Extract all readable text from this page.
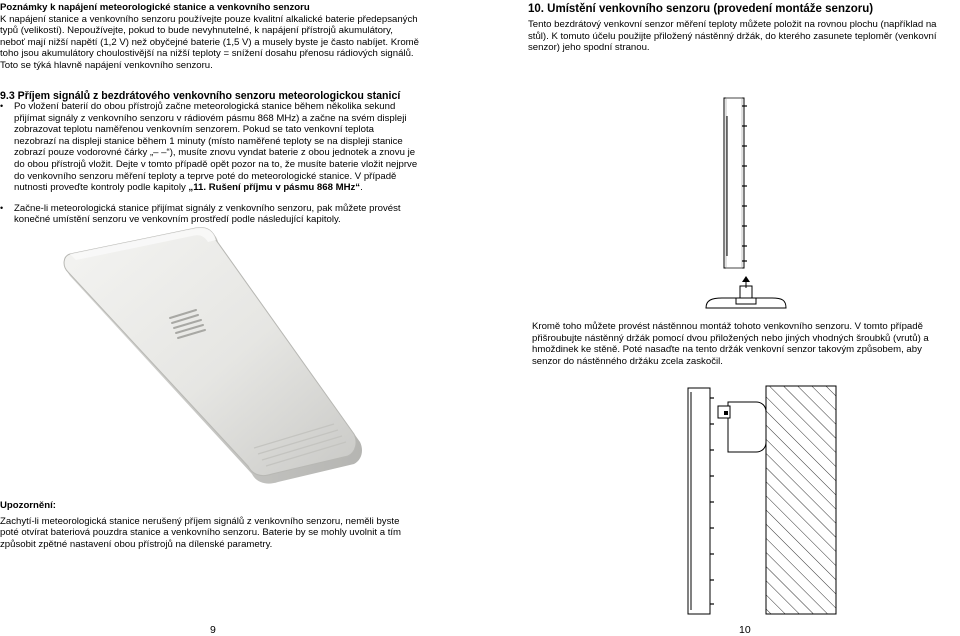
Poznámky k napájení meteorologické stanice a venkovního senzoru

K napájení stanice a venkovního senzoru používejte pouze kvalitní alkalické baterie předepsaných

typů (velikostí). Nepoužívejte, pokud to bude nevyhnutelné, k napájení přístrojů akumulátory,

neboť mají nižší napětí (1,2 V) než obyčejné baterie (1,5 V) a musely byste je často nabíjet. Kromě

toho jsou akumulátory choulostivější na nižší teploty = snížení dosahu přenosu rádiových signálů.

Toto se týká hlavně napájení venkovního senzoru.

9.3 Příjem signálů z bezdrátového venkovního senzoru meteorologickou stanicí
• Po vložení baterií do obou přístrojů začne meteorologická stanice během několika sekund

přijímat signály z venkovního senzoru v rádiovém pásmu 868 MHz) a začne na svém displeji

zobrazovat teplotu naměřenou venkovním senzorem. Pokud se tato venkovní teplota

nezobrazí na displeji stanice během 1 minuty (místo naměřené teploty se na displeji stanice

zobrazí pouze vodorovné čárky „– –“), musíte znovu vyndat baterie z obou jednotek a znovu je

do obou přístrojů vložit. Dejte v tomto případě opět pozor na to, že musíte baterie vložit nejprve

do venkovního senzoru měření teploty a teprve poté do meteorologické stanice. V případě

nutnosti proveďte kontroly podle kapitoly „11. Rušení příjmu v pásmu 868 MHz“.

• Začne-li meteorologická stanice přijímat signály z venkovního senzoru, pak můžete provést

konečné umístění senzoru ve venkovním prostředí podle následující kapitoly.

Upozornění:

Zachytí-li meteorologická stanice nerušený příjem signálů z venkovního senzoru, neměli byste

poté otvírat bateriová pouzdra stanice a venkovního senzoru. Baterie by se mohly uvolnit a tím

způsobit zpětné nastavení obou přístrojů na dílenské parametry.

9
10. Umístění venkovního senzoru (provedení montáže senzoru)

Tento bezdrátový venkovní senzor měření teploty můžete položit na rovnou plochu (například na

stůl). K tomuto účelu použijte přiložený nástěnný držák, do kterého zasunete teploměr (venkovní

senzor) jeho spodní stranou.

Kromě toho můžete provést nástěnnou montáž tohoto venkovního senzoru. V tomto případě

přišroubujte nástěnný držák pomocí dvou přiložených nebo jiných vhodných šroubků (vrutů) a

hmoždinek ke stěně. Poté nasaďte na tento držák venkovní senzor takovým způsobem, aby

senzor do nástěnného držáku zcela zaskočil.

10
